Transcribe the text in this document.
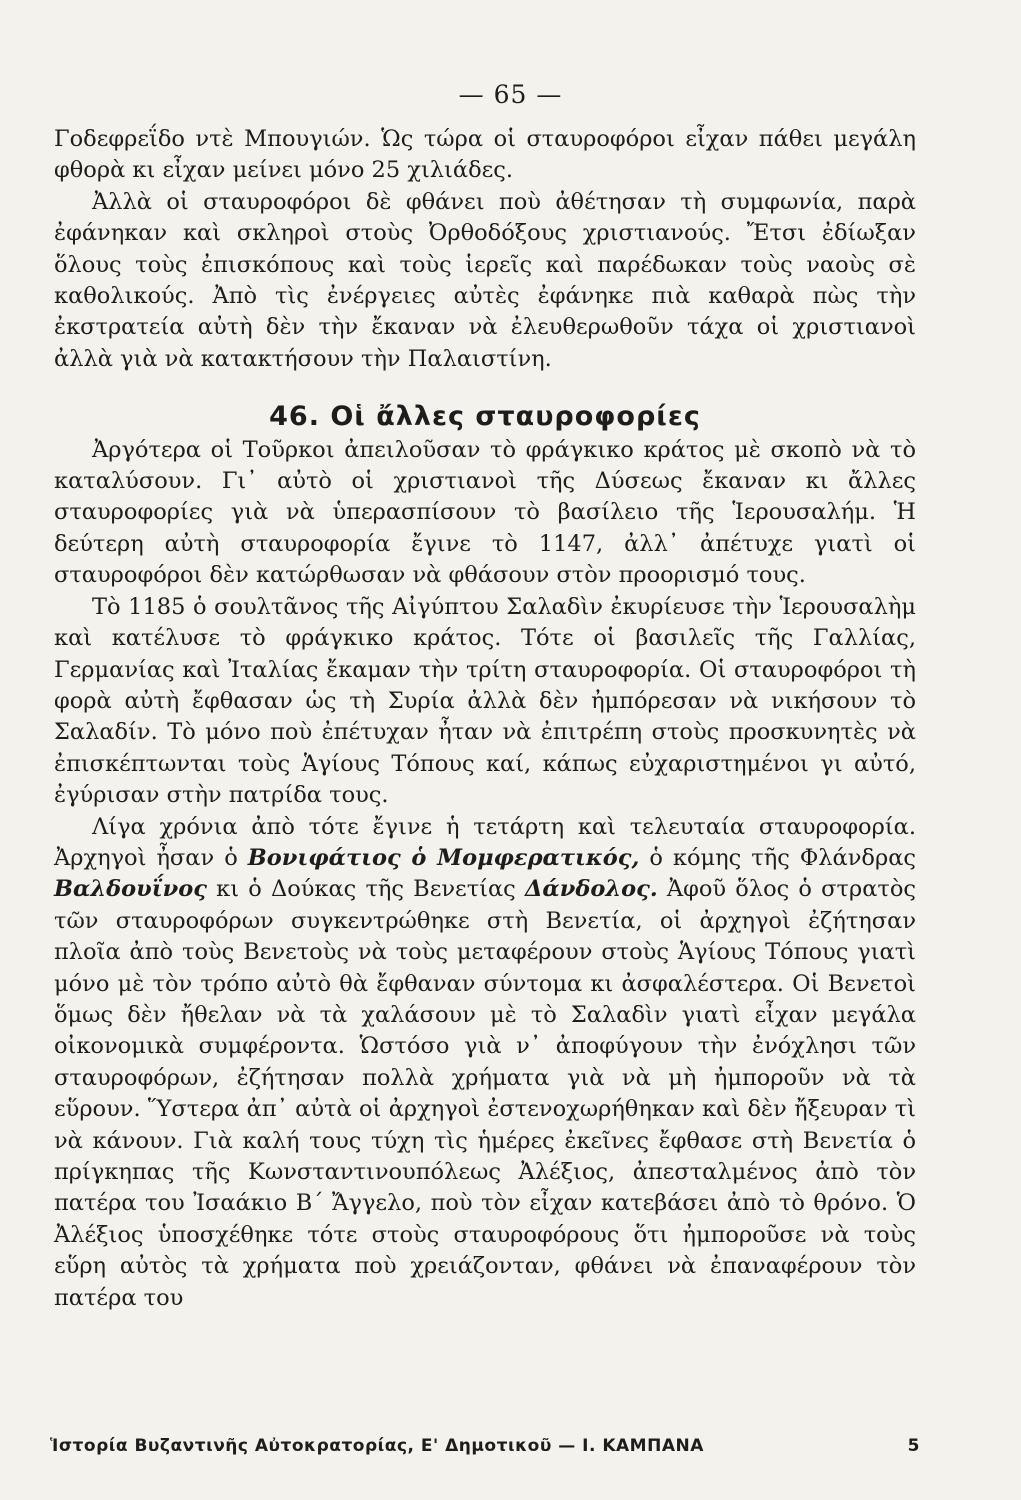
— 65 —

Γοδεφρεΐδο ντὲ Μπουγιών. Ὡς τώρα οἱ σταυροφόροι εἶχαν πάθει μεγάλη φθορὰ κι εἶχαν μείνει μόνο 25 χιλιάδες.

Ἀλλὰ οἱ σταυροφόροι δὲ φθάνει ποὺ ἀθέτησαν τὴ συμφωνία, παρὰ ἐφάνηκαν καὶ σκληροὶ στοὺς Ὀρθοδόξους χριστιανούς. Ἔτσι ἐδίωξαν ὅλους τοὺς ἐπισκόπους καὶ τοὺς ἱερεῖς καὶ παρέδωκαν τοὺς ναοὺς σὲ καθολικούς. Ἀπὸ τὶς ἐνέργειες αὐτὲς ἐφάνηκε πιὰ καθαρὰ πὼς τὴν ἐκστρατεία αὐτὴ δὲν τὴν ἔκαναν νὰ ἐλευθερωθοῦν τάχα οἱ χριστιανοὶ ἀλλὰ γιὰ νὰ κατακτήσουν τὴν Παλαιστίνη.

46. Οἱ ἄλλες σταυροφορίες

Ἀργότερα οἱ Τοῦρκοι ἀπειλοῦσαν τὸ φράγκικο κράτος μὲ σκοπὸ νὰ τὸ καταλύσουν. Γι᾽ αὐτὸ οἱ χριστιανοὶ τῆς Δύσεως ἔκαναν κι ἄλλες σταυροφορίες γιὰ νὰ ὑπερασπίσουν τὸ βασίλειο τῆς Ἱερουσαλήμ. Ἡ δεύτερη αὐτὴ σταυροφορία ἔγινε τὸ 1147, ἀλλ᾽ ἀπέτυχε γιατὶ οἱ σταυροφόροι δὲν κατώρθωσαν νὰ φθάσουν στὸν προορισμό τους.

Τὸ 1185 ὁ σουλτᾶνος τῆς Αἰγύπτου Σαλαδὶν ἐκυρίευσε τὴν Ἱερουσαλὴμ καὶ κατέλυσε τὸ φράγκικο κράτος. Τότε οἱ βασιλεῖς τῆς Γαλλίας, Γερμανίας καὶ Ἰταλίας ἔκαμαν τὴν τρίτη σταυροφορία. Οἱ σταυροφόροι τὴ φορὰ αὐτὴ ἔφθασαν ὡς τὴ Συρία ἀλλὰ δὲν ἠμπόρεσαν νὰ νικήσουν τὸ Σαλαδίν. Τὸ μόνο ποὺ ἐπέτυχαν ἦταν νὰ ἐπιτρέπη στοὺς προσκυνητὲς νὰ ἐπισκέπτωνται τοὺς Ἁγίους Τόπους καί, κάπως εὐχαριστημένοι γι αὐτό, ἐγύρισαν στὴν πατρίδα τους.

Λίγα χρόνια ἀπὸ τότε ἔγινε ἡ τετάρτη καὶ τελευταία σταυροφορία. Ἀρχηγοὶ ἦσαν ὁ Βονιφάτιος ὁ Μομφερατικός, ὁ κόμης τῆς Φλάνδρας Βαλδουΐνος κι ὁ Δούκας τῆς Βενετίας Δάνδολος. Ἀφοῦ ὅλος ὁ στρατὸς τῶν σταυροφόρων συγκεντρώθηκε στὴ Βενετία, οἱ ἀρχηγοὶ ἐζήτησαν πλοῖα ἀπὸ τοὺς Βενετοὺς νὰ τοὺς μεταφέρουν στοὺς Ἁγίους Τόπους γιατὶ μόνο μὲ τὸν τρόπο αὐτὸ θὰ ἔφθαναν σύντομα κι ἀσφαλέστερα. Οἱ Βενετοὶ ὅμως δὲν ἤθελαν νὰ τὰ χαλάσουν μὲ τὸ Σαλαδὶν γιατὶ εἶχαν μεγάλα οἰκονομικὰ συμφέροντα. Ὡστόσο γιὰ ν᾽ ἀποφύγουν τὴν ἐνόχλησι τῶν σταυροφόρων, ἐζήτησαν πολλὰ χρήματα γιὰ νὰ μὴ ἠμποροῦν νὰ τὰ εὕρουν. Ὕστερα ἀπ᾽ αὐτὰ οἱ ἀρχηγοὶ ἐστενοχωρήθηκαν καὶ δὲν ἤξευραν τὶ νὰ κάνουν. Γιὰ καλή τους τύχη τὶς ἡμέρες ἐκεῖνες ἔφθασε στὴ Βενετία ὁ πρίγκηπας τῆς Κωνσταντινουπόλεως Ἀλέξιος, ἀπεσταλμένος ἀπὸ τὸν πατέρα του Ἰσαάκιο Β´ Ἄγγελο, ποὺ τὸν εἶχαν κατεβάσει ἀπὸ τὸ θρόνο. Ὁ Ἀλέξιος ὑποσχέθηκε τότε στοὺς σταυροφόρους ὅτι ἠμποροῦσε νὰ τοὺς εὕρη αὐτὸς τὰ χρήματα ποὺ χρειάζονταν, φθάνει νὰ ἐπαναφέρουν τὸν πατέρα του

Ἱστορία Βυζαντινῆς Αὐτοκρατορίας, Ε' Δημοτικοῦ — Ι. ΚΑΜΠΑΝΑ	5
